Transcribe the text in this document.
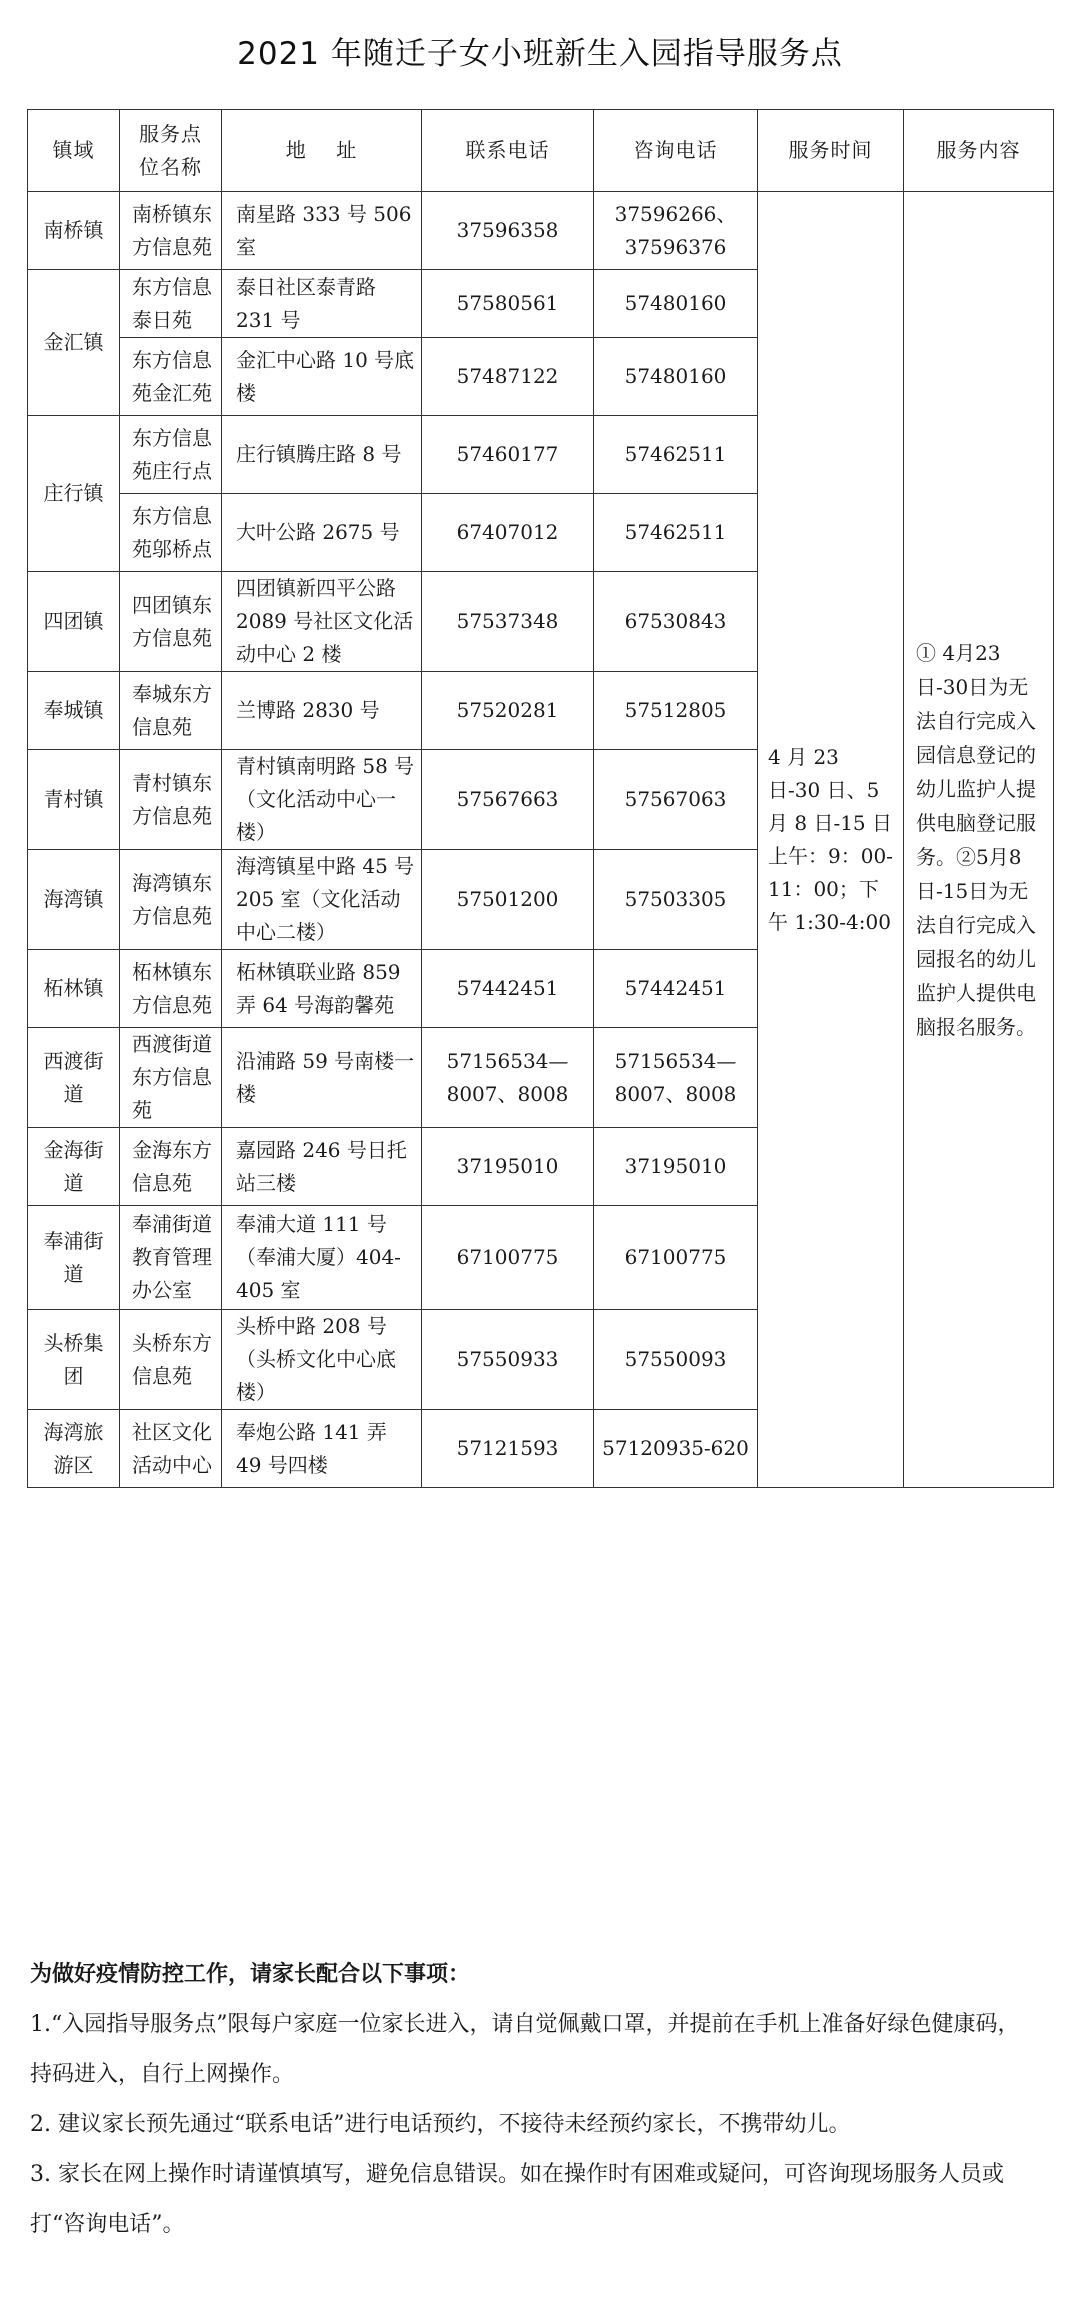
2021 年随迁子女小班新生入园指导服务点
镇域	服务点位名称	地    址	联系电话	咨询电话	服务时间	服务内容
南桥镇	南桥镇东方信息苑	南星路 333 号 506 室	37596358	37596266、37596376	4 月 23 日-30 日、5 月 8 日-15 日上午：9：00-11：00；下午 1:30-4:00	① 4月23日-30日为无法自行完成入园信息登记的幼儿监护人提供电脑登记服务。②5月8日-15日为无法自行完成入园报名的幼儿监护人提供电脑报名服务。
金汇镇	东方信息泰日苑	泰日社区泰青路 231 号	57580561	57480160		
	东方信息苑金汇苑	金汇中心路 10 号底楼	57487122	57480160		
庄行镇	东方信息苑庄行点	庄行镇腾庄路 8 号	57460177	57462511		
	东方信息苑邬桥点	大叶公路 2675 号	67407012	57462511		
四团镇	四团镇东方信息苑	四团镇新四平公路 2089 号社区文化活动中心 2 楼	57537348	67530843		
奉城镇	奉城东方信息苑	兰博路 2830 号	57520281	57512805		
青村镇	青村镇东方信息苑	青村镇南明路 58 号（文化活动中心一楼）	57567663	57567063		
海湾镇	海湾镇东方信息苑	海湾镇星中路 45 号 205 室（文化活动中心二楼）	57501200	57503305		
柘林镇	柘林镇东方信息苑	柘林镇联业路 859 弄 64 号海韵馨苑	57442451	57442451		
西渡街道	西渡街道东方信息苑	沿浦路 59 号南楼一楼	57156534—8007、8008	57156534—8007、8008		
金海街道	金海东方信息苑	嘉园路 246 号日托站三楼	37195010	37195010		
奉浦街道	奉浦街道教育管理办公室	奉浦大道 111 号（奉浦大厦）404-405 室	67100775	67100775		
头桥集团	头桥东方信息苑	头桥中路 208 号（头桥文化中心底楼）	57550933	57550093		
海湾旅游区	社区文化活动中心	奉炮公路 141 弄 49 号四楼	57121593	57120935-620		
为做好疫情防控工作，请家长配合以下事项：

1.“入园指导服务点”限每户家庭一位家长进入，请自觉佩戴口罩，并提前在手机上准备好绿色健康码，持码进入，自行上网操作。

2. 建议家长预先通过“联系电话”进行电话预约，不接待未经预约家长，不携带幼儿。

3. 家长在网上操作时请谨慎填写，避免信息错误。如在操作时有困难或疑问，可咨询现场服务人员或打“咨询电话”。
